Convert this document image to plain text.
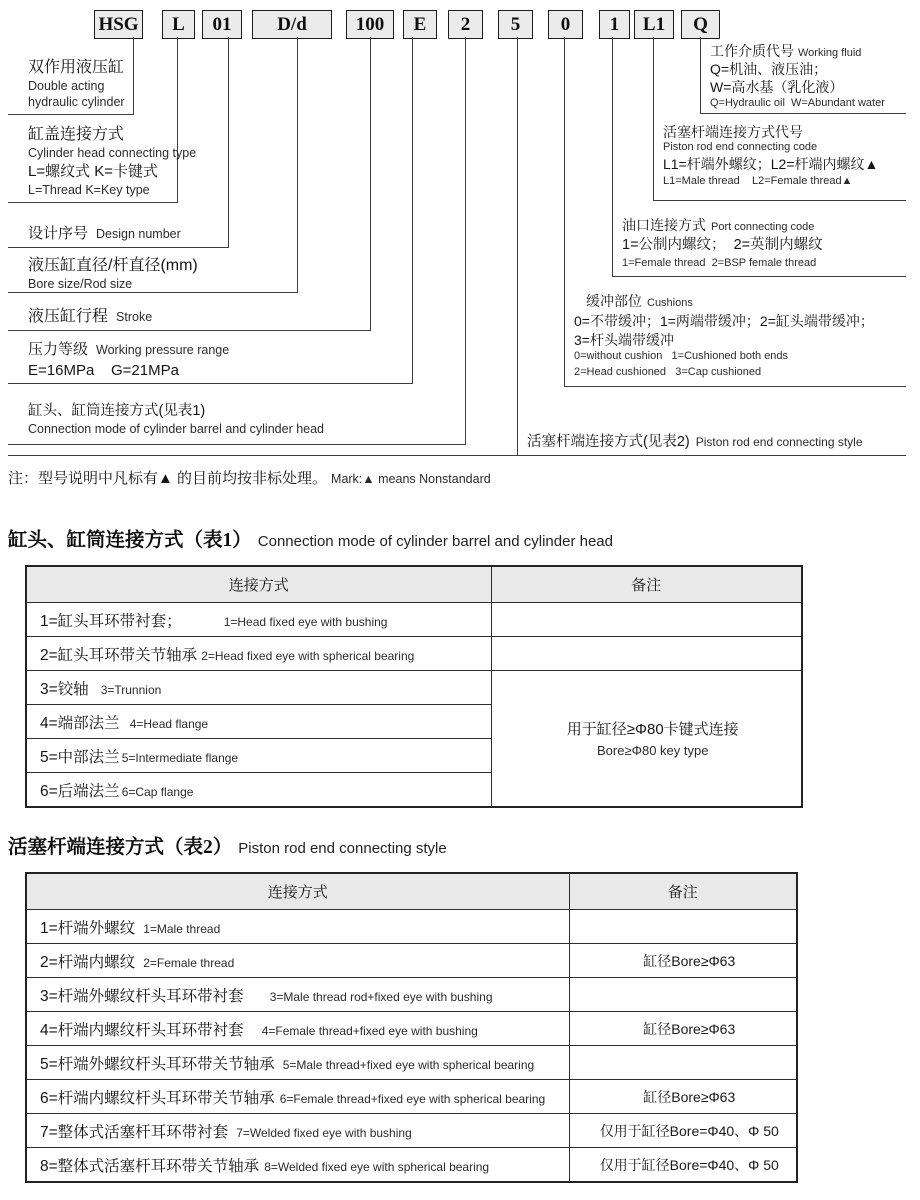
HSG	L	01	D/d	100	E	2	5	0	1	L1	Q
双作用液压缸
Double acting
hydraulic cylinder
缸盖连接方式
Cylinder head connecting type
L=螺纹式 K=卡键式
L=Thread K=Key type
设计序号 Design number
液压缸直径/杆直径(mm)
Bore size/Rod size
液压缸行程 Stroke
压力等级 Working pressure range
E=16MPa    G=21MPa
缸头、缸筒连接方式(见表1)
Connection mode of cylinder barrel and cylinder head
工作介质代号 Working fluid
Q=机油、液压油；
W=高水基（乳化液）
Q=Hydraulic oil  W=Abundant water
活塞杆端连接方式代号
Piston rod end connecting code
L1=杆端外螺纹；L2=杆端内螺纹▲
L1=Male thread    L2=Female thread▲
油口连接方式 Port connecting code
1=公制内螺纹；  2=英制内螺纹
1=Female thread  2=BSP female thread
缓冲部位 Cushions
0=不带缓冲；1=两端带缓冲；2=缸头端带缓冲；
3=杆头端带缓冲
0=without cushion   1=Cushioned both ends
2=Head cushioned   3=Cap cushioned
活塞杆端连接方式(见表2) Piston rod end connecting style
注：型号说明中凡标有▲ 的目前均按非标处理。 Mark:▲ means Nonstandard
缸头、缸筒连接方式（表1） Connection mode of cylinder barrel and cylinder head
连接方式	备注
1=缸头耳环带衬套； 1=Head fixed eye with bushing	
2=缸头耳环带关节轴承 2=Head fixed eye with spherical bearing	
3=铰轴 3=Trunnion	用于缸径≥Φ80卡键式连接
Bore≥Φ80 key type

4=端部法兰 4=Head flange	
5=中部法兰 5=Intermediate flange	
6=后端法兰 6=Cap flange	
活塞杆端连接方式（表2） Piston rod end connecting style
连接方式	备注
1=杆端外螺纹 1=Male thread	
2=杆端内螺纹 2=Female thread	缸径Bore≥Φ63
3=杆端外螺纹杆头耳环带衬套 3=Male thread rod+fixed eye with bushing	
4=杆端内螺纹杆头耳环带衬套 4=Female thread+fixed eye with bushing	缸径Bore≥Φ63
5=杆端外螺纹杆头耳环带关节轴承 5=Male thread+fixed eye with spherical bearing	
6=杆端内螺纹杆头耳环带关节轴承 6=Female thread+fixed eye with spherical bearing	缸径Bore≥Φ63
7=整体式活塞杆耳环带衬套 7=Welded fixed eye with bushing	仅用于缸径Bore=Φ40、Φ 50
8=整体式活塞杆耳环带关节轴承 8=Welded fixed eye with spherical bearing	仅用于缸径Bore=Φ40、Φ 50
